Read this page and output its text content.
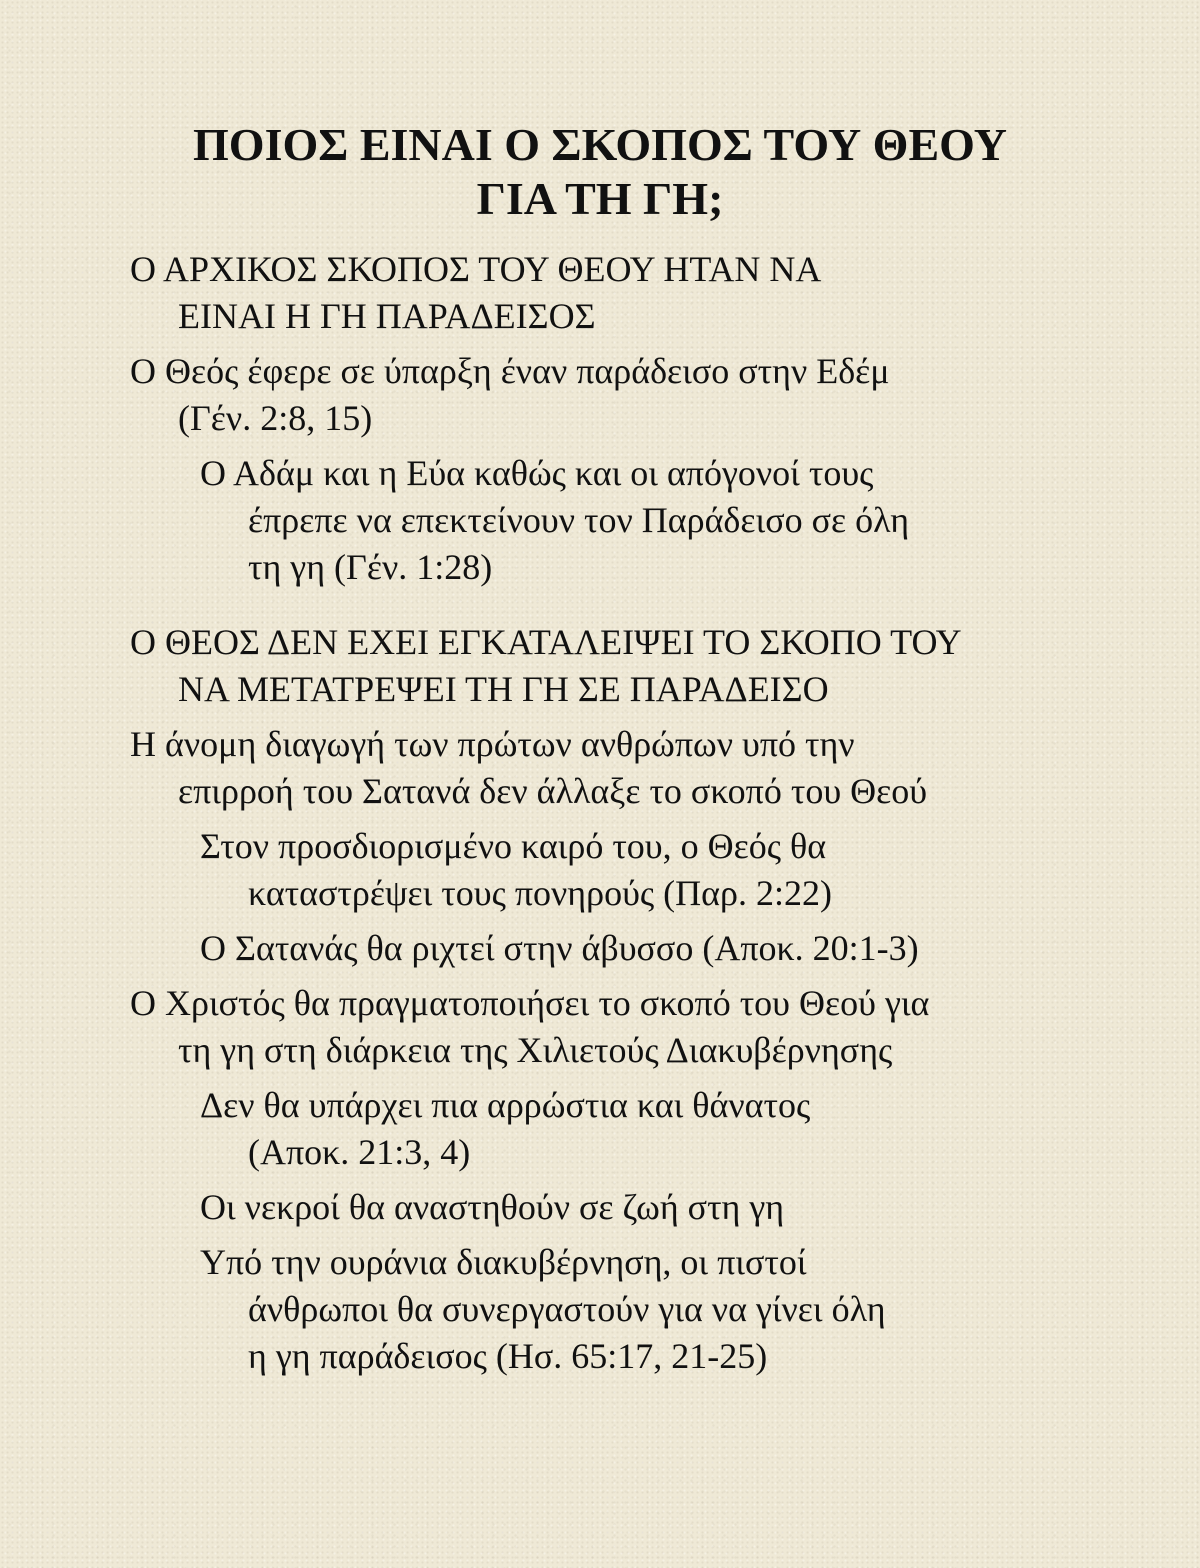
ΠΟΙΟΣ ΕΙΝΑΙ Ο ΣΚΟΠΟΣ ΤΟΥ ΘΕΟΥ
ΓΙΑ ΤΗ ΓΗ;

Ο ΑΡΧΙΚΟΣ ΣΚΟΠΟΣ ΤΟΥ ΘΕΟΥ ΗΤΑΝ ΝΑ
ΕΙΝΑΙ Η ΓΗ ΠΑΡΑΔΕΙΣΟΣ

Ο Θεός έφερε σε ύπαρξη έναν παράδεισο στην Εδέμ
(Γέν. 2:8, 15)

Ο Αδάμ και η Εύα καθώς και οι απόγονοί τους
έπρεπε να επεκτείνουν τον Παράδεισο σε όλη
τη γη (Γέν. 1:28)

Ο ΘΕΟΣ ΔΕΝ ΕΧΕΙ ΕΓΚΑΤΑΛΕΙΨΕΙ ΤΟ ΣΚΟΠΟ ΤΟΥ
ΝΑ ΜΕΤΑΤΡΕΨΕΙ ΤΗ ΓΗ ΣΕ ΠΑΡΑΔΕΙΣΟ

Η άνομη διαγωγή των πρώτων ανθρώπων υπό την
επιρροή του Σατανά δεν άλλαξε το σκοπό του Θεού

Στον προσδιορισμένο καιρό του, ο Θεός θα
καταστρέψει τους πονηρούς (Παρ. 2:22)

Ο Σατανάς θα ριχτεί στην άβυσσο (Αποκ. 20:1-3)

Ο Χριστός θα πραγματοποιήσει το σκοπό του Θεού για
τη γη στη διάρκεια της Χιλιετούς Διακυβέρνησης

Δεν θα υπάρχει πια αρρώστια και θάνατος
(Αποκ. 21:3, 4)

Οι νεκροί θα αναστηθούν σε ζωή στη γη

Υπό την ουράνια διακυβέρνηση, οι πιστοί
άνθρωποι θα συνεργαστούν για να γίνει όλη
η γη παράδεισος (Ησ. 65:17, 21-25)
